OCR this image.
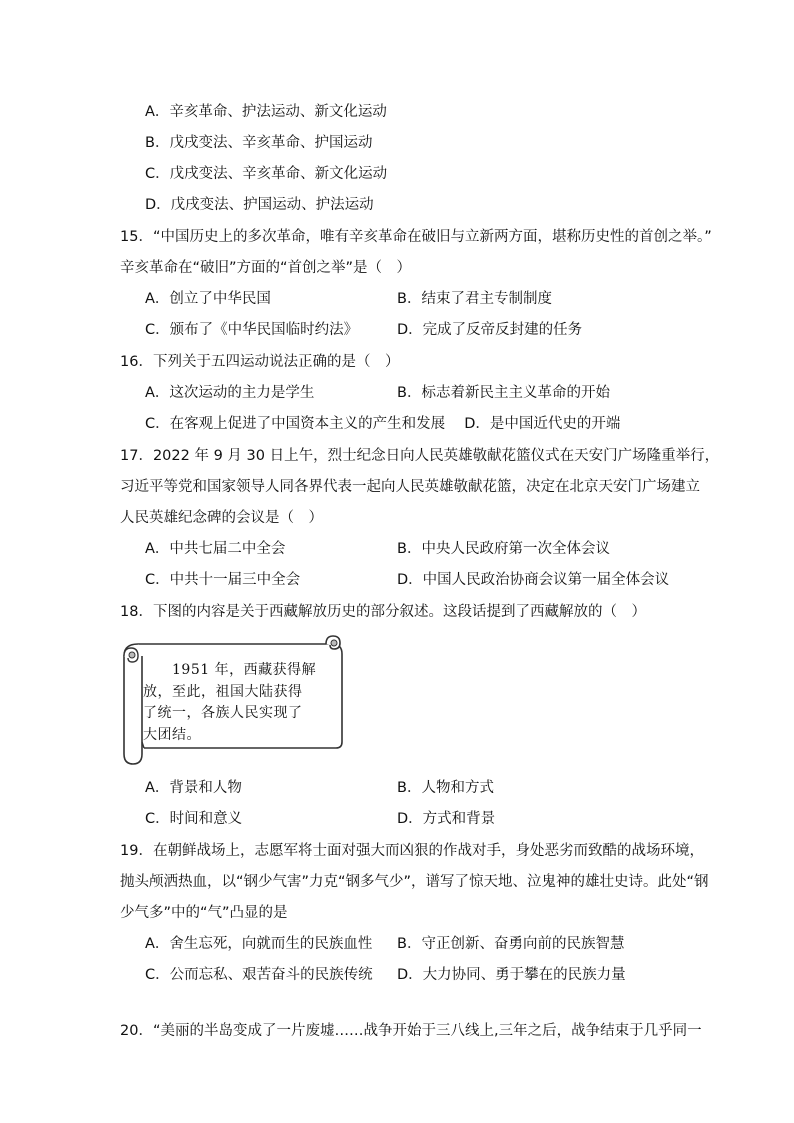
A．辛亥革命、护法运动、新文化运动
B．戊戌变法、辛亥革命、护国运动
C．戊戌变法、辛亥革命、新文化运动
D．戊戌变法、护国运动、护法运动
15．“中国历史上的多次革命，唯有辛亥革命在破旧与立新两方面，堪称历史性的首创之举。”
辛亥革命在“破旧”方面的“首创之举”是（　）
A．创立了中华民国	B．结束了君主专制制度
C．颁布了《中华民国临时约法》	D．完成了反帝反封建的任务
16．下列关于五四运动说法正确的是（　）
A．这次运动的主力是学生	B．标志着新民主主义革命的开始
C．在客观上促进了中国资本主义的产生和发展　 D．是中国近代史的开端
17．2022 年 9 月 30 日上午，烈士纪念日向人民英雄敬献花篮仪式在天安门广场隆重举行，
习近平等党和国家领导人同各界代表一起向人民英雄敬献花篮，决定在北京天安门广场建立
人民英雄纪念碑的会议是（　）
A．中共七届二中全会	B．中央人民政府第一次全体会议
C．中共十一届三中全会	D．中国人民政治协商会议第一届全体会议
18．下图的内容是关于西藏解放历史的部分叙述。这段话提到了西藏解放的（　）
　　1951 年，西藏获得解
放，至此，祖国大陆获得
了统一，各族人民实现了
大团结。
A．背景和人物	B．人物和方式
C．时间和意义	D．方式和背景
19．在朝鲜战场上，志愿军将士面对强大而凶狠的作战对手，身处恶劣而致酷的战场环境，
抛头颅洒热血，以“钢少气害”力克“钢多气少”，谱写了惊天地、泣鬼神的雄壮史诗。此处“钢
少气多”中的“气”凸显的是
A．舍生忘死，向就而生的民族血性 B．守正创新、奋勇向前的民族智慧
C．公而忘私、艰苦奋斗的民族传统 D．大力协同、勇于攀在的民族力量
20．“美丽的半岛变成了一片废墟……战争开始于三八线上,三年之后，战争结束于几乎同一
